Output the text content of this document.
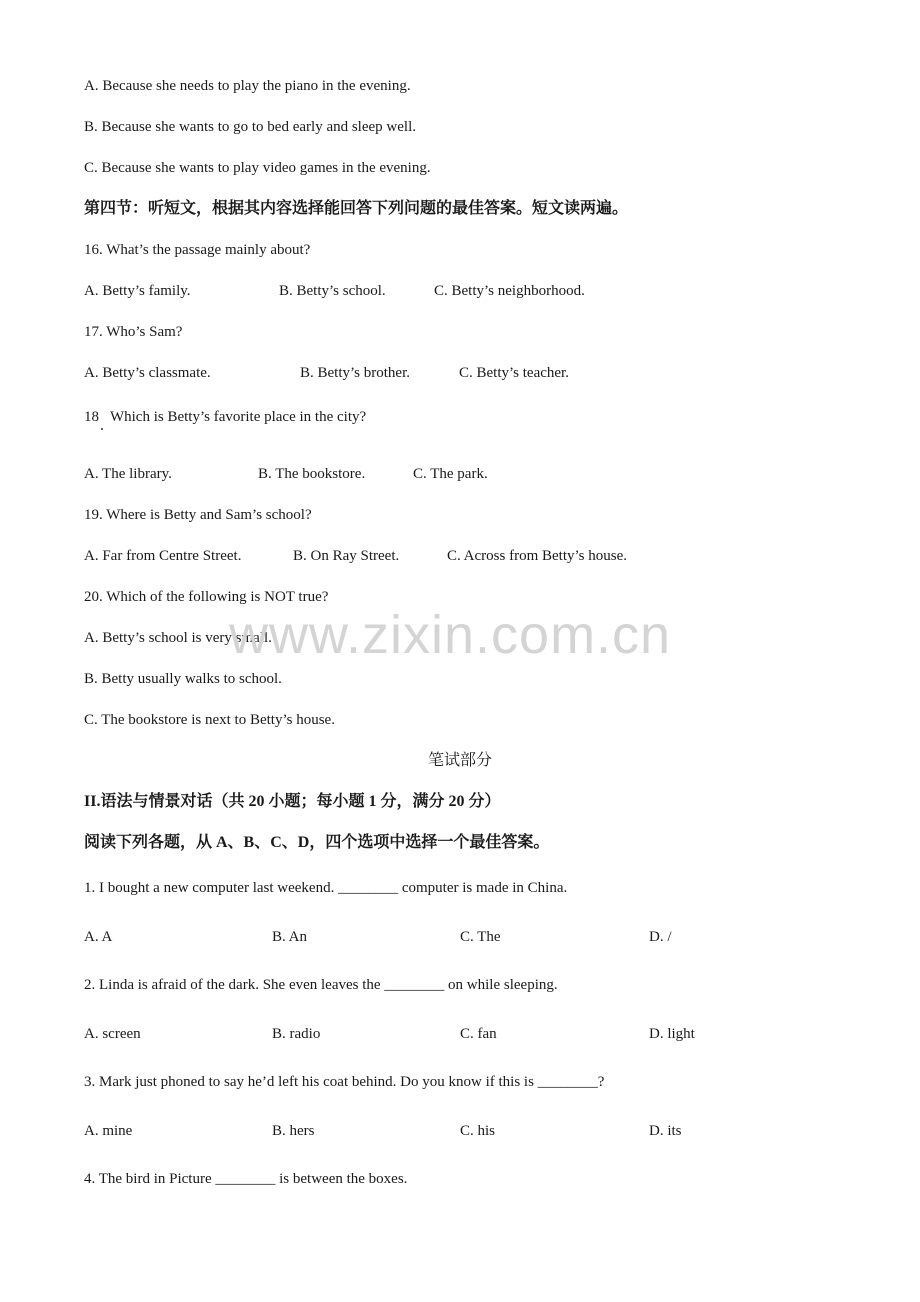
A. Because she needs to play the piano in the evening.
B. Because she wants to go to bed early and sleep well.
C. Because she wants to play video games in the evening.
第四节：听短文，根据其内容选择能回答下列问题的最佳答案。短文读两遍。
16. What’s the passage mainly about?
A. Betty’s family.	B. Betty’s school.	C. Betty’s neighborhood.
17. Who’s Sam?
A. Betty’s classmate.	B. Betty’s brother.	C. Betty’s teacher.
18   Which is Betty’s favorite place in the city?
A. The library.	B. The bookstore.	C. The park.
19. Where is Betty and Sam’s school?
A. Far from Centre Street.	B. On Ray Street.	C. Across from Betty’s house.
20. Which of the following is NOT true?
A. Betty’s school is very small.
B. Betty usually walks to school.
C. The bookstore is next to Betty’s house.
笔试部分
II.语法与情景对话（共 20 小题；每小题 1 分，满分 20 分）
阅读下列各题，从 A、B、C、D，四个选项中选择一个最佳答案。
1. I bought a new computer last weekend. ________ computer is made in China.
A. A	B. An	C. The	D. /
2. Linda is afraid of the dark. She even leaves the ________ on while sleeping.
A. screen	B. radio	C. fan	D. light
3. Mark just phoned to say he’d left his coat behind. Do you know if this is ________?
A. mine	B. hers	C. his	D. its
4. The bird in Picture ________ is between the boxes.
www.zixin.com.cn
